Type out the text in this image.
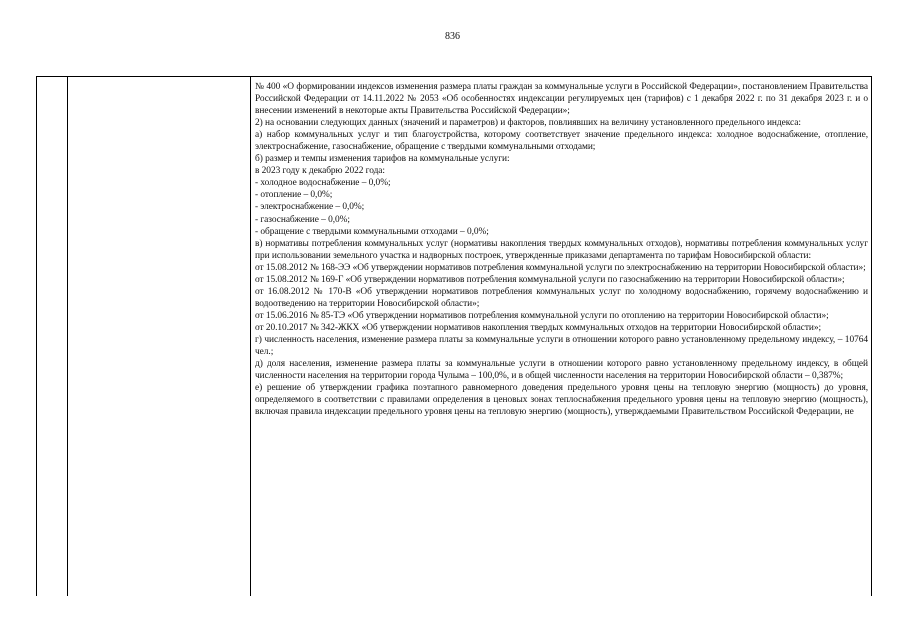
836

№ 400 «О формировании индексов изменения размера платы граждан за коммунальные услуги в Российской Федерации», постановлением Правительства Российской Федерации от 14.11.2022 № 2053 «Об особенностях индексации регулируемых цен (тарифов) с 1 декабря 2022 г. по 31 декабря 2023 г. и о внесении изменений в некоторые акты Правительства Российской Федерации»;

2) на основании следующих данных (значений и параметров) и факторов, повлиявших на величину установленного предельного индекса:

а) набор коммунальных услуг и тип благоустройства, которому соответствует значение предельного индекса: холодное водоснабжение, отопление, электроснабжение, газоснабжение, обращение с твердыми коммунальными отходами;

б) размер и темпы изменения тарифов на коммунальные услуги:

в 2023 году к декабрю 2022 года:

- холодное водоснабжение – 0,0%;

- отопление – 0,0%;

- электроснабжение – 0,0%;

- газоснабжение – 0,0%;

- обращение с твердыми коммунальными отходами – 0,0%;

в) нормативы потребления коммунальных услуг (нормативы накопления твердых коммунальных отходов), нормативы потребления коммунальных услуг при использовании земельного участка и надворных построек, утвержденные приказами департамента по тарифам Новосибирской области:

от 15.08.2012 № 168-ЭЭ «Об утверждении нормативов потребления коммунальной услуги по электроснабжению на территории Новосибирской области»;

от 15.08.2012 № 169-Г «Об утверждении нормативов потребления коммунальной услуги по газоснабжению на территории Новосибирской области»;

от 16.08.2012 № 170-В «Об утверждении нормативов потребления коммунальных услуг по холодному водоснабжению, горячему водоснабжению и водоотведению на территории Новосибирской области»;

от 15.06.2016 № 85-ТЭ «Об утверждении нормативов потребления коммунальной услуги по отоплению на территории Новосибирской области»;

от 20.10.2017 № 342-ЖКХ «Об утверждении нормативов накопления твердых коммунальных отходов на территории Новосибирской области»;

г) численность населения, изменение размера платы за коммунальные услуги в отношении которого равно установленному предельному индексу, – 10764 чел.;

д) доля населения, изменение размера платы за коммунальные услуги в отношении которого равно установленному предельному индексу, в общей численности населения на территории города Чулыма – 100,0%, и в общей численности населения на территории Новосибирской области – 0,387%;

е) решение об утверждении графика поэтапного равномерного доведения предельного уровня цены на тепловую энергию (мощность) до уровня, определяемого в соответствии с правилами определения в ценовых зонах теплоснабжения предельного уровня цены на тепловую энергию (мощность), включая правила индексации предельного уровня цены на тепловую энергию (мощность), утверждаемыми Правительством Российской Федерации, не
